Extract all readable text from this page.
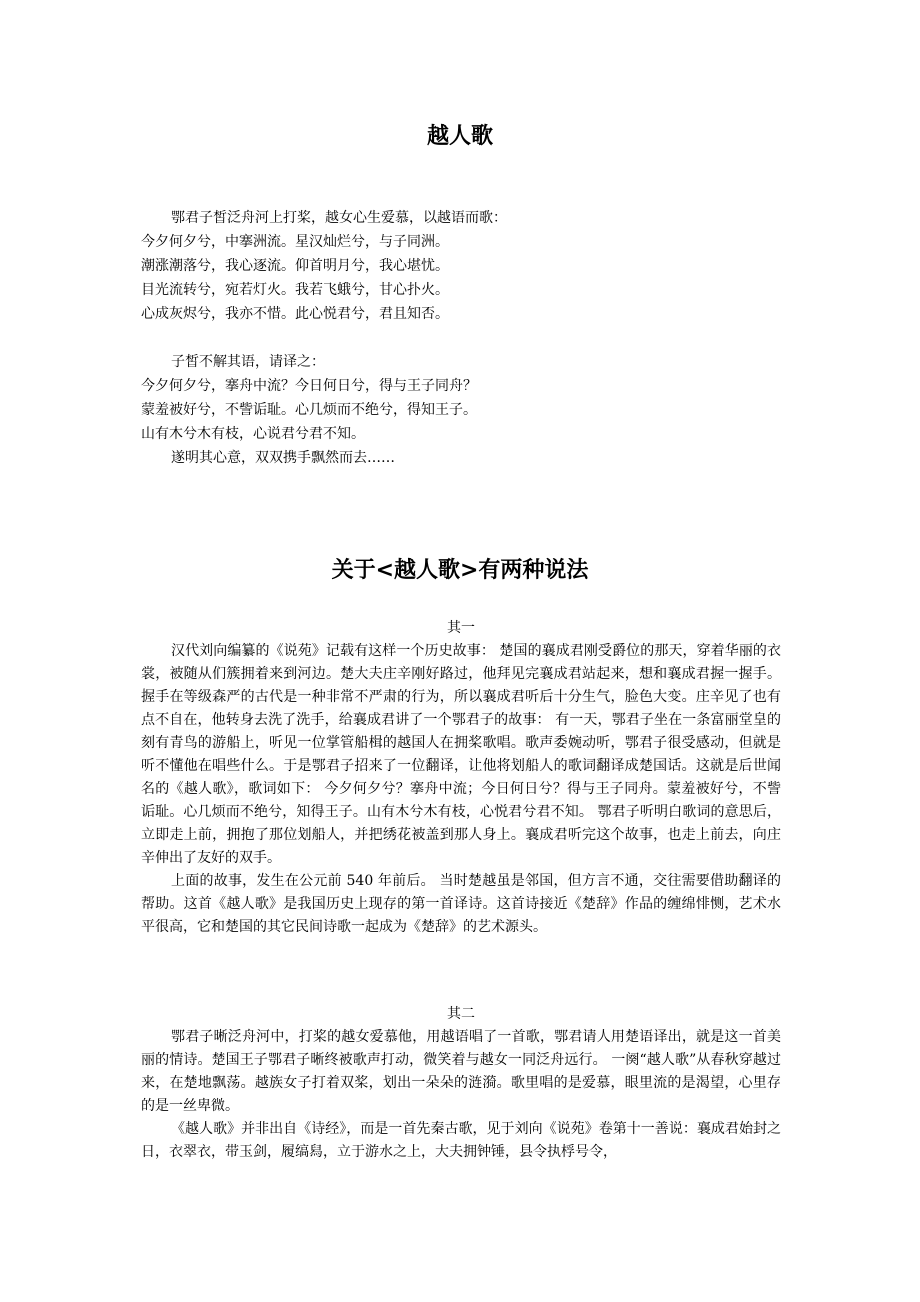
越人歌

鄂君子皙泛舟河上打桨，越女心生爱慕，以越语而歌：

今夕何夕兮，中搴洲流。星汉灿烂兮，与子同洲。

潮涨潮落兮，我心逐流。仰首明月兮，我心堪忧。

目光流转兮，宛若灯火。我若飞蛾兮，甘心扑火。

心成灰烬兮，我亦不惜。此心悦君兮，君且知否。

子皙不解其语，请译之：

今夕何夕兮，搴舟中流？今日何日兮，得与王子同舟？

蒙羞被好兮，不訾诟耻。心几烦而不绝兮，得知王子。

山有木兮木有枝，心说君兮君不知。

遂明其心意，双双携手飘然而去……

关于<越人歌>有两种说法
其一

汉代刘向编纂的《说苑》记载有这样一个历史故事： 楚国的襄成君刚受爵位的那天，穿着华丽的衣裳，被随从们簇拥着来到河边。楚大夫庄辛刚好路过，他拜见完襄成君站起来，想和襄成君握一握手。握手在等级森严的古代是一种非常不严肃的行为，所以襄成君听后十分生气，脸色大变。庄辛见了也有点不自在，他转身去洗了洗手，给襄成君讲了一个鄂君子的故事： 有一天，鄂君子坐在一条富丽堂皇的刻有青鸟的游船上，听见一位掌管船楫的越国人在拥桨歌唱。歌声委婉动听，鄂君子很受感动，但就是听不懂他在唱些什么。于是鄂君子招来了一位翻译，让他将划船人的歌词翻译成楚国话。这就是后世闻名的《越人歌》，歌词如下： 今夕何夕兮？搴舟中流；今日何日兮？得与王子同舟。蒙羞被好兮，不訾诟耻。心几烦而不绝兮，知得王子。山有木兮木有枝，心悦君兮君不知。 鄂君子听明白歌词的意思后，立即走上前，拥抱了那位划船人，并把绣花被盖到那人身上。襄成君听完这个故事，也走上前去，向庄辛伸出了友好的双手。

上面的故事，发生在公元前 540 年前后。 当时楚越虽是邻国，但方言不通，交往需要借助翻译的帮助。这首《越人歌》是我国历史上现存的第一首译诗。这首诗接近《楚辞》作品的缠绵悱恻，艺术水平很高，它和楚国的其它民间诗歌一起成为《楚辞》的艺术源头。

其二

鄂君子晰泛舟河中，打桨的越女爱慕他，用越语唱了一首歌，鄂君请人用楚语译出，就是这一首美丽的情诗。楚国王子鄂君子晰终被歌声打动，微笑着与越女一同泛舟远行。 一阕“越人歌”从春秋穿越过来，在楚地飘荡。越族女子打着双桨，划出一朵朵的涟漪。歌里唱的是爱慕，眼里流的是渴望，心里存的是一丝卑微。

《越人歌》并非出自《诗经》，而是一首先秦古歌，见于刘向《说苑》卷第十一善说：襄成君始封之日，衣翠衣，带玉剑，履缟舄，立于游水之上，大夫拥钟锤，县令执桴号令，
